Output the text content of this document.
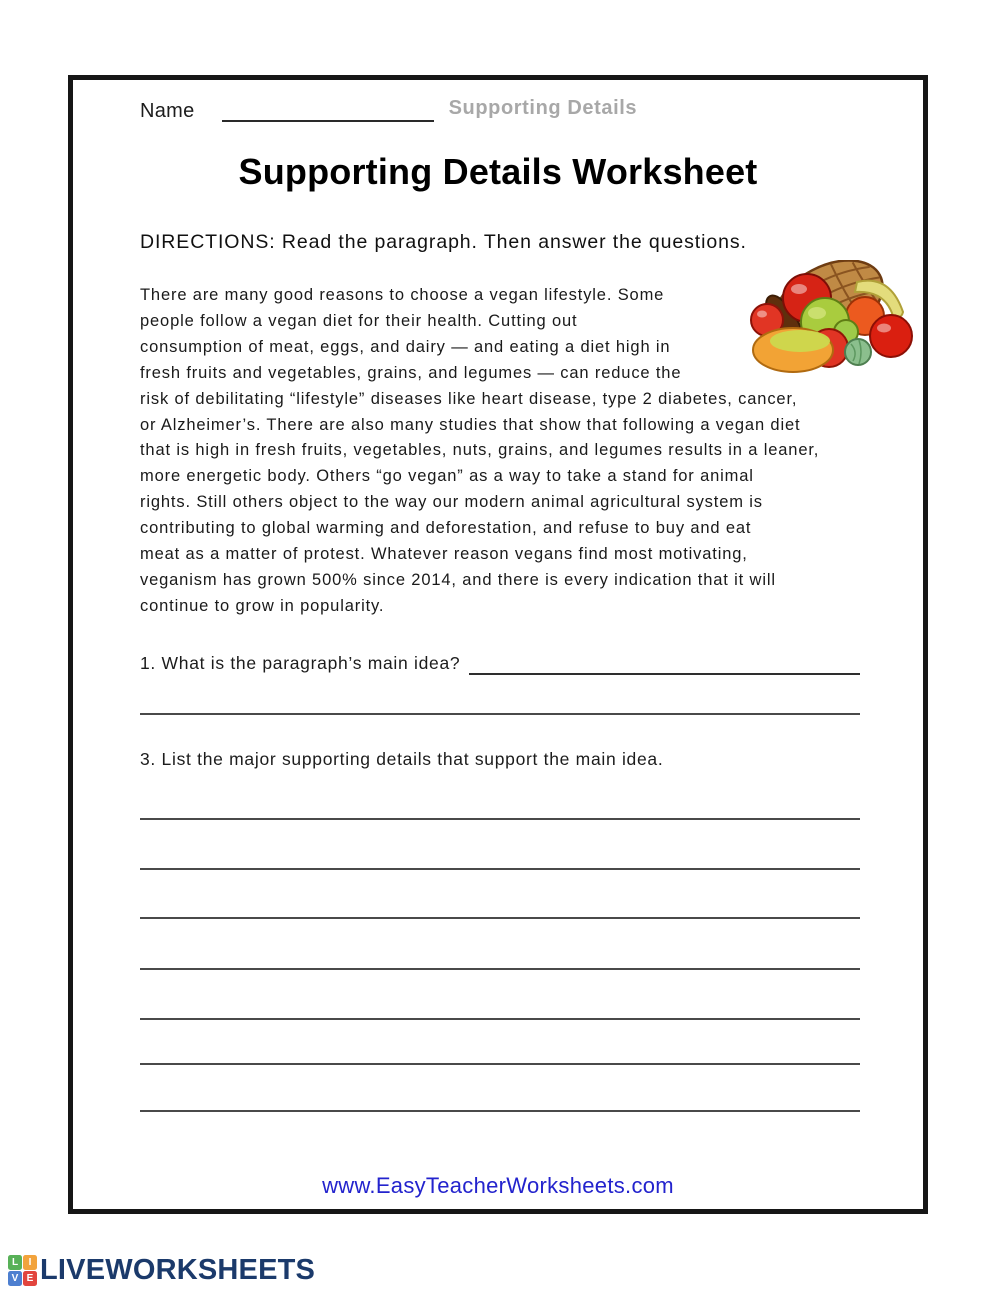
Name	Supporting Details
Supporting Details Worksheet
DIRECTIONS: Read the paragraph. Then answer the questions.
There are many good reasons to choose a vegan lifestyle. Some
people follow a vegan diet for their health. Cutting out
consumption of meat, eggs, and dairy — and eating a diet high in
fresh fruits and vegetables, grains, and legumes — can reduce the
risk of debilitating “lifestyle” diseases like heart disease, type 2 diabetes, cancer,
or Alzheimer’s. There are also many studies that show that following a vegan diet
that is high in fresh fruits, vegetables, nuts, grains, and legumes results in a leaner,
more energetic body. Others “go vegan” as a way to take a stand for animal
rights. Still others object to the way our modern animal agricultural system is
contributing to global warming and deforestation, and refuse to buy and eat
meat as a matter of protest. Whatever reason vegans find most motivating,
veganism has grown 500% since 2014, and there is every indication that it will
continue to grow in popularity.
1. What is the paragraph’s main idea?
3. List the major supporting details that support the main idea.
www.EasyTeacherWorksheets.com
L	I
V E LIVEWORKSHEETS
